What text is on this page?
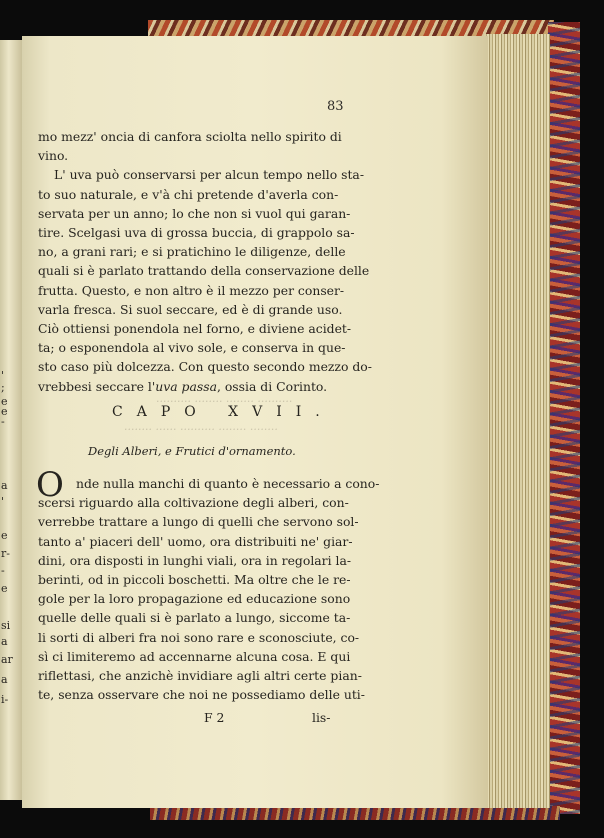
'
;
e
e
-
a
'
e
r-
-
e
si
a
ar
a
i-
.......... ........ ........ ..........
........ ...... .......... ........ ........
83
mo mezz' oncia di canfora sciolta nello spirito di
vino.
L' uva può conservarsi per alcun tempo nello sta-
to suo naturale, e v'à chi pretende d'averla con-
servata per un anno; lo che non si vuol qui garan-
tire. Scelgasi uva di grossa buccia, di grappolo sa-
no, a grani rari; e si pratichino le diligenze, delle
quali si è parlato trattando della conservazione delle
frutta. Questo, e non altro è il mezzo per conser-
varla fresca. Si suol seccare, ed è di grande uso.
Ciò ottiensi ponendola nel forno, e diviene acidet-
ta; o esponendola al vivo sole, e conserva in que-
sto caso più dolcezza. Con questo secondo mezzo do-
vrebbesi seccare l' uva passa , ossia di Corinto.
CAPO XVII.
Degli Alberi, e Frutici d'ornamento.
O nde nulla manchi di quanto è necessario a cono-
scersi riguardo alla coltivazione degli alberi, con-
verrebbe trattare a lungo di quelli che servono sol-
tanto a' piaceri dell' uomo, ora distribuiti ne' giar-
dini, ora disposti in lunghi viali, ora in regolari la-
berinti, od in piccoli boschetti. Ma oltre che le re-
gole per la loro propagazione ed educazione sono
quelle delle quali si è parlato a lungo, siccome ta-
li sorti di alberi fra noi sono rare e sconosciute, co-
sì ci limiteremo ad accennarne alcuna cosa. E qui
riflettasi, che anzichè invidiare agli altri certe pian-
te, senza osservare che noi ne possediamo delle uti-
F 2	lis-
